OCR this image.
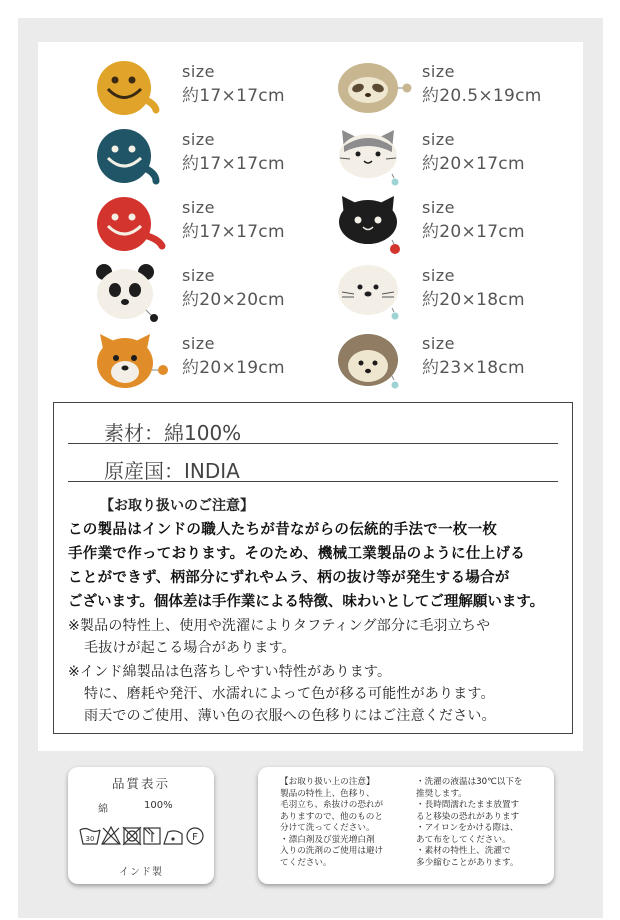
size
約17×17cm
size
約17×17cm
size
約17×17cm
size
約20×20cm
size
約20×19cm
size
約20.5×19cm
size
約20×17cm
size
約20×17cm
size
約20×18cm
size
約23×18cm
素材：綿100%
原産国：INDIA
【お取り扱いのご注意】
この製品はインドの職人たちが昔ながらの伝統的手法で一枚一枚
手作業で作っております。そのため、機械工業製品のように仕上げる
ことができず、柄部分にずれやムラ、柄の抜け等が発生する場合が
ございます。個体差は手作業による特徴、味わいとしてご理解願います。
※製品の特性上、使用や洗濯によりタフティング部分に毛羽立ちや
毛抜けが起こる場合があります。
※インド綿製品は色落ちしやすい特性があります。
特に、磨耗や発汗、水濡れによって色が移る可能性があります。
雨天でのご使用、薄い色の衣服への色移りにはご注意ください。
品質表示
綿	100%
30	F
インド製
【お取り扱い上の注意】
製品の特性上、色移り、
毛羽立ち、糸抜けの恐れが
ありますので、他のものと
分けて洗ってください。
・漂白剤及び蛍光増白剤
入りの洗剤のご使用は避け
てください。
・洗濯の液温は30℃以下を
推奨します。
・長時間濡れたまま放置す
ると移染の恐れがあります
・アイロンをかける際は、
あて布をしてください。
・素材の特性上、洗濯で
多少縮むことがあります。
